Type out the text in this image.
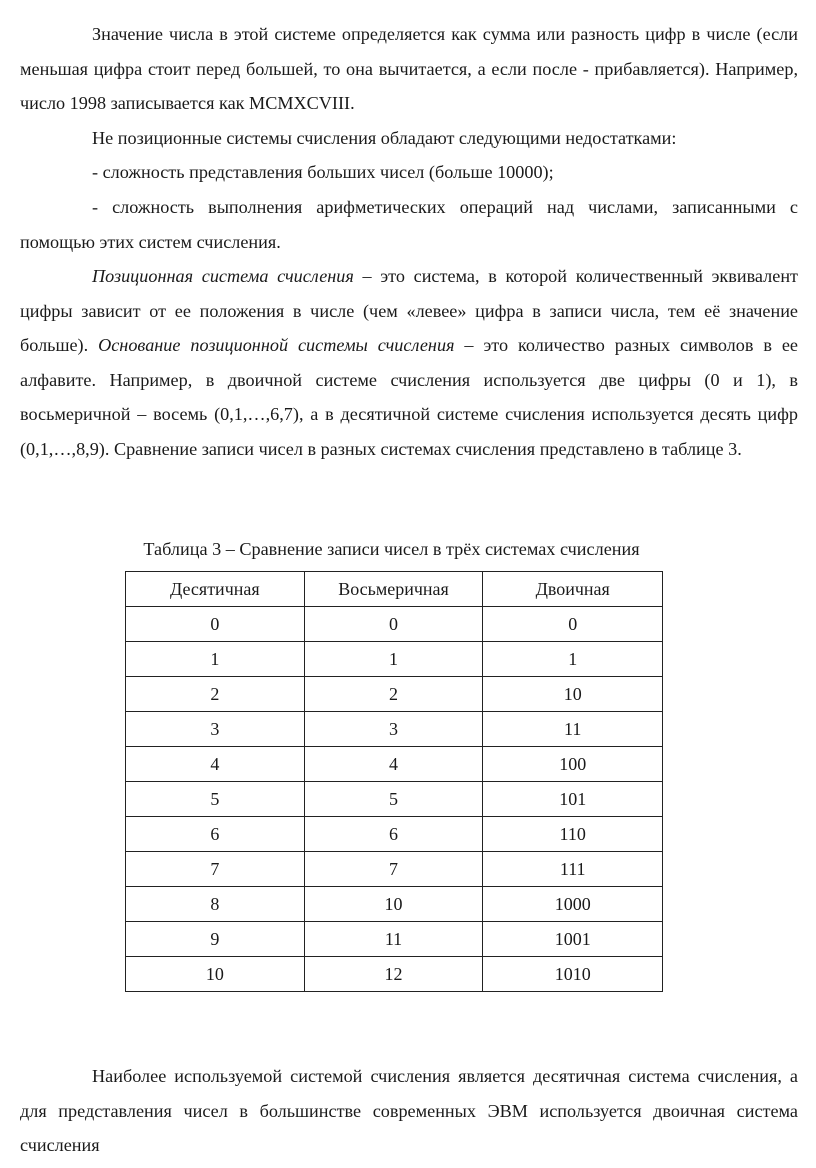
Значение числа в этой системе определяется как сумма или разность цифр в числе (если меньшая цифра стоит перед большей, то она вычитается, а если после - прибавляется). Например, число 1998 записывается как MCMXCVIII.

Не позиционные системы счисления обладают следующими недостатками:

- сложность представления больших чисел (больше 10000);

- сложность выполнения арифметических операций над числами, записанными с помощью этих систем счисления.

Позиционная система счисления – это система, в которой количественный эквивалент цифры зависит от ее положения в числе (чем «левее» цифра в записи числа, тем её значение больше). Основание позиционной системы счисления – это количество разных символов в ее алфавите. Например, в двоичной системе счисления используется две цифры (0 и 1), в восьмеричной – восемь (0,1,…,6,7), а в десятичной системе счисления используется десять цифр (0,1,…,8,9). Сравнение записи чисел в разных системах счисления представлено в таблице 3.

Таблица 3 – Сравнение записи чисел в трёх системах счисления
Десятичная	Восьмеричная	Двоичная
0	0	0
1	1	1
2	2	10
3	3	11
4	4	100
5	5	101
6	6	110
7	7	111
8	10	1000
9	11	1001
10	12	1010

Наиболее используемой системой счисления является десятичная система счисления, а для представления чисел в большинстве современных ЭВМ используется двоичная система счисления
